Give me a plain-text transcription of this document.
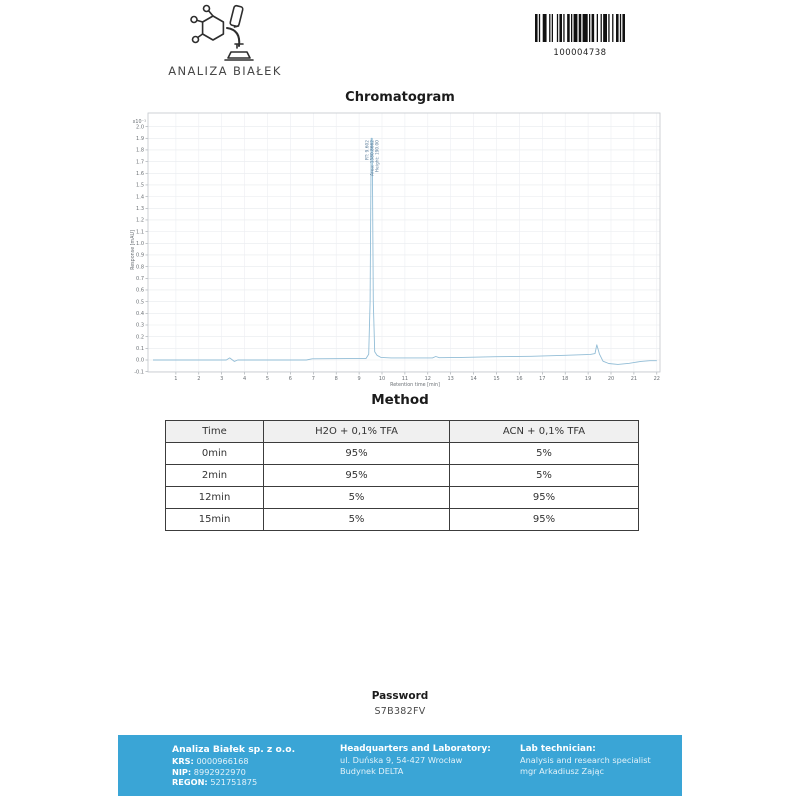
ANALIZA BIAŁEK
100004738
Chromatogram
2.0
1.9
1.8
1.7
1.6
1.5
1.4
1.3
1.2
1.1
1.0
0.9
0.8
0.7
0.6
0.5
0.4
0.3
0.2
0.1
0.0
-0.1
1	2	3	4	5	6	7	8	9	10	11	12	13	14	15	16	17	18	19	20	21	22
x10⁻¹
Retention time [min]
Response [mAU]
RT: 9.602 Area: 1580.8662 Height: 190.00
Method
Time	H2O + 0,1% TFA	ACN + 0,1% TFA
0min	95%	5%
2min	95%	5%
12min	5%	95%
15min	5%	95%
Password
S7B382FV
Analiza Białek sp. z o.o.
KRS: 0000966168
NIP: 8992922970
REGON: 521751875
Headquarters and Laboratory:
ul. Duńska 9, 54-427 Wrocław
Budynek DELTA
Lab technician:
Analysis and research specialist
mgr Arkadiusz Zając
